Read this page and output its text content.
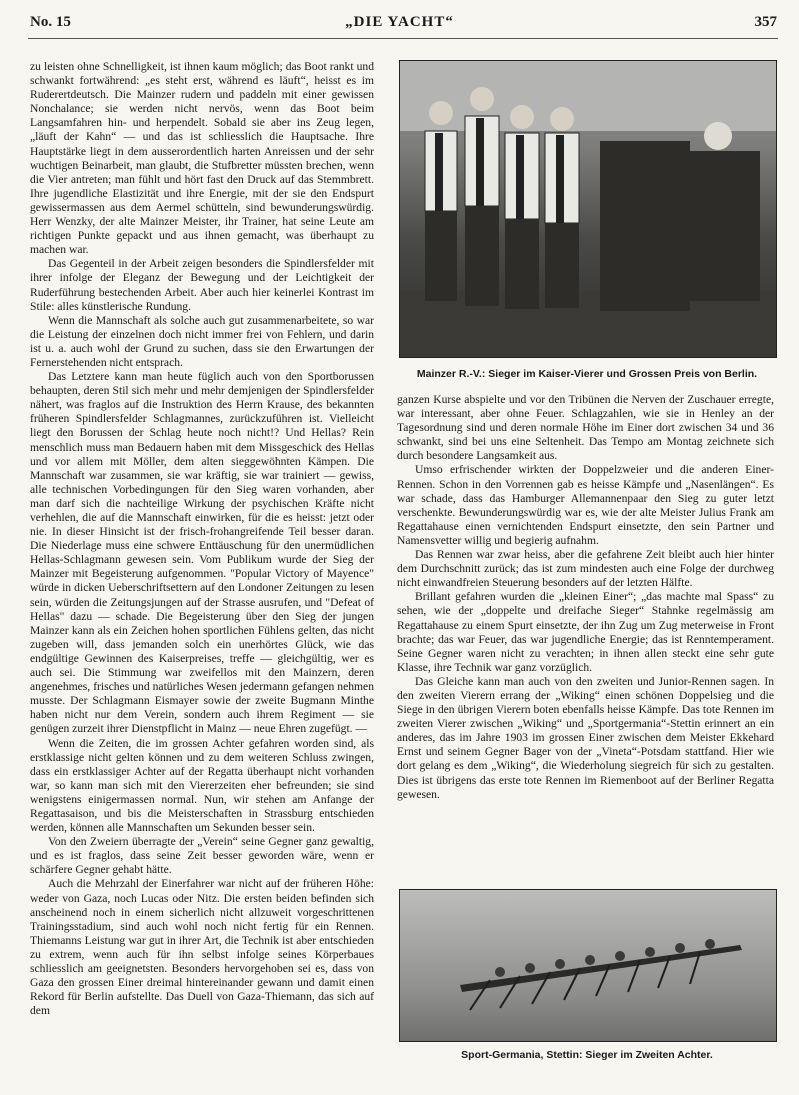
No. 15	„DIE YACHT“	357

zu leisten ohne Schnelligkeit, ist ihnen kaum möglich; das Boot rankt und schwankt fortwährend: „es steht erst, während es läuft“, heisst es im Ruderertdeutsch. Die Mainzer rudern und paddeln mit einer gewissen Nonchalance; sie werden nicht nervös, wenn das Boot beim Langsamfahren hin- und herpendelt. Sobald sie aber ins Zeug legen, „läuft der Kahn“ — und das ist schliesslich die Hauptsache. Ihre Hauptstärke liegt in dem ausserordentlich harten Anreissen und der sehr wuchtigen Beinarbeit, man glaubt, die Stufbretter müssten brechen, wenn die Vier antreten; man fühlt und hört fast den Druck auf das Stemmbrett. Ihre jugendliche Elastizität und ihre Energie, mit der sie den Endspurt gewissermassen aus dem Aermel schütteln, sind bewunderungswürdig. Herr Wenzky, der alte Mainzer Meister, ihr Trainer, hat seine Leute am richtigen Punkte gepackt und aus ihnen gemacht, was überhaupt zu machen war.

Das Gegenteil in der Arbeit zeigen besonders die Spindlersfelder mit ihrer infolge der Eleganz der Bewegung und der Leichtigkeit der Ruderführung bestechenden Arbeit. Aber auch hier keinerlei Kontrast im Stile: alles künstlerische Rundung.

Wenn die Mannschaft als solche auch gut zusammenarbeitete, so war die Leistung der einzelnen doch nicht immer frei von Fehlern, und darin ist u. a. auch wohl der Grund zu suchen, dass sie den Erwartungen der Fernerstehenden nicht entsprach.

Das Letztere kann man heute füglich auch von den Sportborussen behaupten, deren Stil sich mehr und mehr demjenigen der Spindlersfelder nähert, was fraglos auf die Instruktion des Herrn Krause, des bekannten früheren Spindlersfelder Schlagmannes, zurückzuführen ist. Vielleicht liegt den Borussen der Schlag heute noch nicht!? Und Hellas? Rein menschlich muss man Bedauern haben mit dem Missgeschick des Hellas und vor allem mit Möller, dem alten sieggewöhnten Kämpen. Die Mannschaft war zusammen, sie war kräftig, sie war trainiert — gewiss, alle technischen Vorbedingungen für den Sieg waren vorhanden, aber man darf sich die nachteilige Wirkung der psychischen Kräfte nicht verhehlen, die auf die Mannschaft einwirken, für die es heisst: jetzt oder nie. In dieser Hinsicht ist der frisch-frohangreifende Teil besser daran. Die Niederlage muss eine schwere Enttäuschung für den unermüdlichen Hellas-Schlagmann gewesen sein. Vom Publikum wurde der Sieg der Mainzer mit Begeisterung aufgenommen. "Popular Victory of Mayence" würde in dicken Ueberschriftsettern auf den Londoner Zeitungen zu lesen sein, würden die Zeitungsjungen auf der Strasse ausrufen, und "Defeat of Hellas" dazu — schade. Die Begeisterung über den Sieg der jungen Mainzer kann als ein Zeichen hohen sportlichen Fühlens gelten, das nicht zugeben will, dass jemanden solch ein unerhörtes Glück, wie das endgültige Gewinnen des Kaiserpreises, treffe — gleichgültig, wer es auch sei. Die Stimmung war zweifellos mit den Mainzern, deren angenehmes, frisches und natürliches Wesen jedermann gefangen nehmen musste. Der Schlagmann Eismayer sowie der zweite Bugmann Minthe haben nicht nur dem Verein, sondern auch ihrem Regiment — sie genügen zurzeit ihrer Dienstpflicht in Mainz — neue Ehren zugefügt. —

Wenn die Zeiten, die im grossen Achter gefahren worden sind, als erstklassige nicht gelten können und zu dem weiteren Schluss zwingen, dass ein erstklassiger Achter auf der Regatta überhaupt nicht vorhanden war, so kann man sich mit den Viererzeiten eher befreunden; sie sind wenigstens einigermassen normal. Nun, wir stehen am Anfange der Regattasaison, und bis die Meisterschaften in Strassburg entschieden werden, können alle Mannschaften um Sekunden besser sein.

Von den Zweiern überragte der „Verein“ seine Gegner ganz gewaltig, und es ist fraglos, dass seine Zeit besser geworden wäre, wenn er schärfere Gegner gehabt hätte.

Auch die Mehrzahl der Einerfahrer war nicht auf der früheren Höhe: weder von Gaza, noch Lucas oder Nitz. Die ersten beiden befinden sich anscheinend noch in einem sicherlich nicht allzuweit vorgeschrittenen Trainingsstadium, sind auch wohl noch nicht fertig für ein Rennen. Thiemanns Leistung war gut in ihrer Art, die Technik ist aber entschieden zu extrem, wenn auch für ihn selbst infolge seines Körperbaues schliesslich am geeignetsten. Besonders hervorgehoben sei es, dass von Gaza den grossen Einer dreimal hintereinander gewann und damit einen Rekord für Berlin aufstellte. Das Duell von Gaza-Thiemann, das sich auf dem

Mainzer R.-V.: Sieger im Kaiser-Vierer und Grossen Preis von Berlin.

ganzen Kurse abspielte und vor den Tribünen die Nerven der Zuschauer erregte, war interessant, aber ohne Feuer. Schlagzahlen, wie sie in Henley an der Tagesordnung sind und deren normale Höhe im Einer dort zwischen 34 und 36 schwankt, sind bei uns eine Seltenheit. Das Tempo am Montag zeichnete sich durch besondere Langsamkeit aus.

Umso erfrischender wirkten der Doppelzweier und die anderen Einer-Rennen. Schon in den Vorrennen gab es heisse Kämpfe und „Nasenlängen“. Es war schade, dass das Hamburger Allemannenpaar den Sieg zu guter letzt verschenkte. Bewunderungswürdig war es, wie der alte Meister Julius Frank am Regattahause einen vernichtenden Endspurt einsetzte, den sein Partner und Namensvetter willig und begierig aufnahm.

Das Rennen war zwar heiss, aber die gefahrene Zeit bleibt auch hier hinter dem Durchschnitt zurück; das ist zum mindesten auch eine Folge der durchweg nicht einwandfreien Steuerung besonders auf der letzten Hälfte.

Brillant gefahren wurden die „kleinen Einer“; „das machte mal Spass“ zu sehen, wie der „doppelte und dreifache Sieger“ Stahnke regelmässig am Regattahause zu einem Spurt einsetzte, der ihn Zug um Zug meterweise in Front brachte; das war Feuer, das war jugendliche Energie; das ist Renntemperament. Seine Gegner waren nicht zu verachten; in ihnen allen steckt eine sehr gute Klasse, ihre Technik war ganz vorzüglich.

Das Gleiche kann man auch von den zweiten und Junior-Rennen sagen. In den zweiten Vierern errang der „Wiking“ einen schönen Doppelsieg und die Siege in den übrigen Vierern boten ebenfalls heisse Kämpfe. Das tote Rennen im zweiten Vierer zwischen „Wiking“ und „Sportgermania“-Stettin erinnert an ein anderes, das im Jahre 1903 im grossen Einer zwischen dem Meister Ekkehard Ernst und seinem Gegner Bager von der „Vineta“-Potsdam stattfand. Hier wie dort gelang es dem „Wiking“, die Wiederholung siegreich für sich zu gestalten. Dies ist übrigens das erste tote Rennen im Riemenboot auf der Berliner Regatta gewesen.

Sport-Germania, Stettin: Sieger im Zweiten Achter.
